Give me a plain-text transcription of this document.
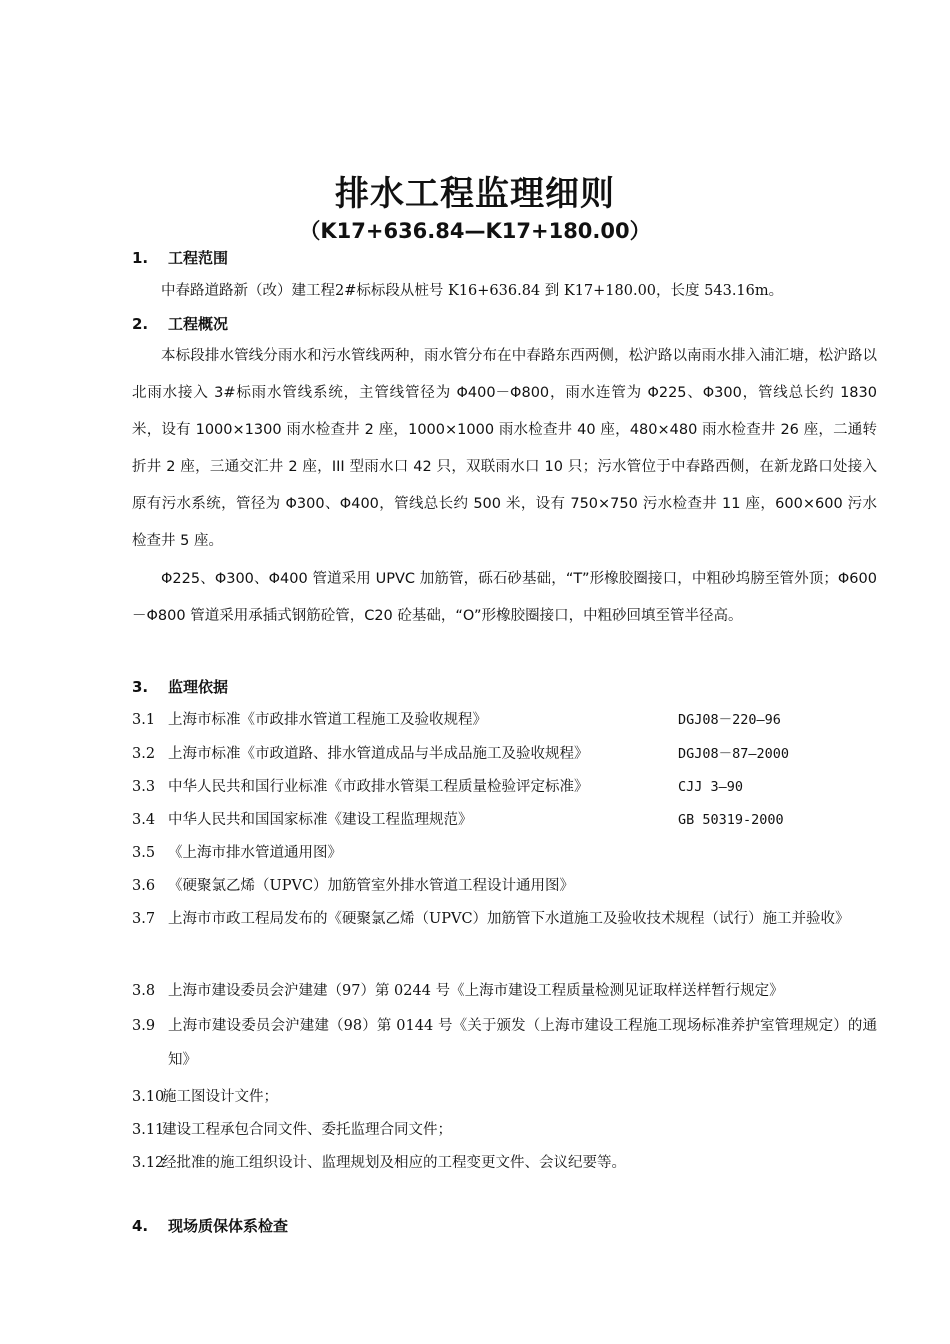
排水工程监理细则
（K17+636.84—K17+180.00）
1. 工程范围
中春路道路新（改）建工程2#标标段从桩号 K16+636.84 到 K17+180.00，长度 543.16m。
2. 工程概况
本标段排水管线分雨水和污水管线两种，雨水管分布在中春路东西两侧，松沪路以南雨水排入浦汇塘，松沪路以北雨水接入 3#标雨水管线系统，主管线管径为 Φ400－Φ800，雨水连管为 Φ225、Φ300，管线总长约 1830 米，设有 1000×1300 雨水检查井 2 座，1000×1000 雨水检查井 40 座，480×480 雨水检查井 26 座，二通转折井 2 座，三通交汇井 2 座，III 型雨水口 42 只，双联雨水口 10 只；污水管位于中春路西侧，在新龙路口处接入原有污水系统，管径为 Φ300、Φ400，管线总长约 500 米，设有 750×750 污水检查井 11 座，600×600 污水检查井 5 座。
Φ225、Φ300、Φ400 管道采用 UPVC 加筋管，砾石砂基础，“T”形橡胶圈接口，中粗砂坞膀至管外顶；Φ600－Φ800 管道采用承插式钢筋砼管，C20 砼基础，“O”形橡胶圈接口，中粗砂回填至管半径高。
3. 监理依据
3.1 上海市标准《市政排水管道工程施工及验收规程》	DGJ08－220—96
3.2 上海市标准《市政道路、排水管道成品与半成品施工及验收规程》	DGJ08－87—2000
3.3 中华人民共和国行业标准《市政排水管渠工程质量检验评定标准》	CJJ 3—90
3.4 中华人民共和国国家标准《建设工程监理规范》	GB 50319-2000
3.5 《上海市排水管道通用图》
3.6 《硬聚氯乙烯（UPVC）加筋管室外排水管道工程设计通用图》
3.7 上海市市政工程局发布的《硬聚氯乙烯（UPVC）加筋管下水道施工及验收技术规程（试行）施工并验收》
3.8 上海市建设委员会沪建建（97）第 0244 号《上海市建设工程质量检测见证取样送样暂行规定》
3.9 上海市建设委员会沪建建（98）第 0144 号《关于颁发（上海市建设工程施工现场标准养护室管理规定）的通知》
3.10
施工图设计文件；
3.11
建设工程承包合同文件、委托监理合同文件；
3.12
经批准的施工组织设计、监理规划及相应的工程变更文件、会议纪要等。
4. 现场质保体系检查
